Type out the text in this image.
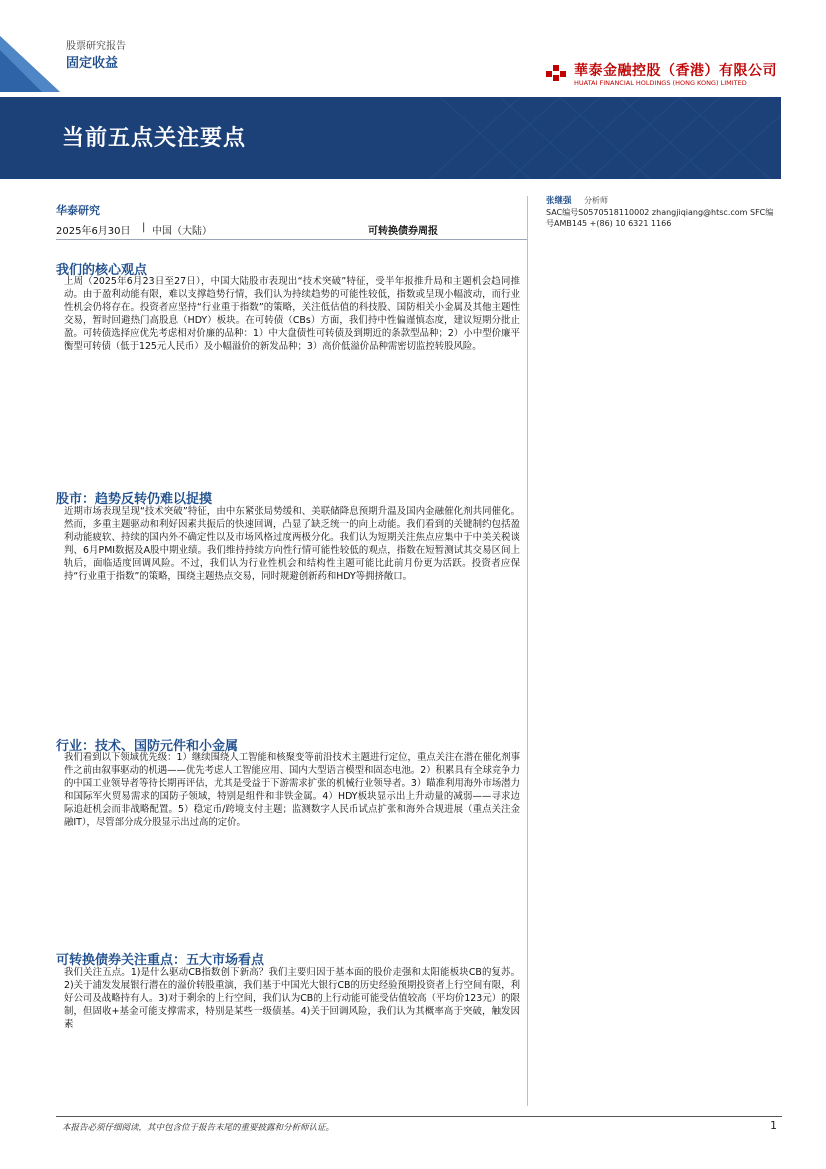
股票研究报告
固定收益	華泰金融控股（香港）有限公司
HUATAI FINANCIAL HOLDINGS (HONG KONG) LIMITED
当前五点关注要点
华泰研究
2025年6月30日 | 中国（大陆）	可转换债券周报
张继强 分析师
SAC编号S0570518110002 zhangjiqiang@htsc.com SFC编
号AMB145 +(86) 10 6321 1166
我们的核心观点

上周（2025年6月23日至27日），中国大陆股市表现出“技术突破”特征，受半年报推升局和主题机会趋同推动。由于盈利动能有限，难以支撑趋势行情，我们认为持续趋势的可能性较低，指数或呈现小幅波动，而行业性机会仍将存在。投资者应坚持“行业重于指数”的策略，关注低估值的科技股、国防相关小金属及其他主题性交易，暂时回避热门高股息（HDY）板块。在可转债（CBs）方面，我们持中性偏谨慎态度，建议短期分批止盈。可转债选择应优先考虑相对价廉的品种：1）中大盘债性可转债及到期近的条款型品种；2）小中型价廉平衡型可转债（低于125元人民币）及小幅溢价的新发品种；3）高价低溢价品种需密切监控转股风险。

股市：趋势反转仍难以捉摸

近期市场表现呈现“技术突破”特征，由中东紧张局势缓和、美联储降息预期升温及国内金融催化剂共同催化。然而，多重主题驱动和利好因素共振后的快速回调，凸显了缺乏统一的向上动能。我们看到的关键制约包括盈利动能疲软、持续的国内外不确定性以及市场风格过度两极分化。我们认为短期关注焦点应集中于中美关税谈判、6月PMI数据及A股中期业绩。我们维持持续方向性行情可能性较低的观点，指数在短暂测试其交易区间上轨后，面临适度回调风险。不过，我们认为行业性机会和结构性主题可能比此前月份更为活跃。投资者应保持“行业重于指数”的策略，围绕主题热点交易，同时规避创新药和HDY等拥挤敞口。

行业：技术、国防元件和小金属

我们看到以下领域优先级：1）继续围绕人工智能和核聚变等前沿技术主题进行定位，重点关注在潜在催化剂事件之前由叙事驱动的机遇——优先考虑人工智能应用、国内大型语言模型和固态电池。2）积累具有全球竞争力的中国工业领导者等待长期再评估，尤其是受益于下游需求扩张的机械行业领导者。3）瞄准利用海外市场潜力和国际军火贸易需求的国防子领域，特别是组件和非铁金属。4）HDY板块显示出上升动量的减弱——寻求边际追赶机会而非战略配置。5）稳定币/跨境支付主题；监测数字人民币试点扩张和海外合规进展（重点关注金融IT），尽管部分成分股显示出过高的定价。

可转换债券关注重点：五大市场看点

我们关注五点。1)是什么驱动CB指数创下新高？我们主要归因于基本面的股价走强和太阳能板块CB的复苏。2)关于浦发发展银行潜在的溢价转股重演，我们基于中国光大银行CB的历史经验预期投资者上行空间有限，利好公司及战略持有人。3)对于剩余的上行空间，我们认为CB的上行动能可能受估值较高（平均价123元）的限制，但固收+基金可能支撑需求，特别是某些一级债基。4)关于回调风险，我们认为其概率高于突破，触发因素

本报告必须仔细阅读，其中包含位于报告末尾的重要披露和分析师认证。	1
